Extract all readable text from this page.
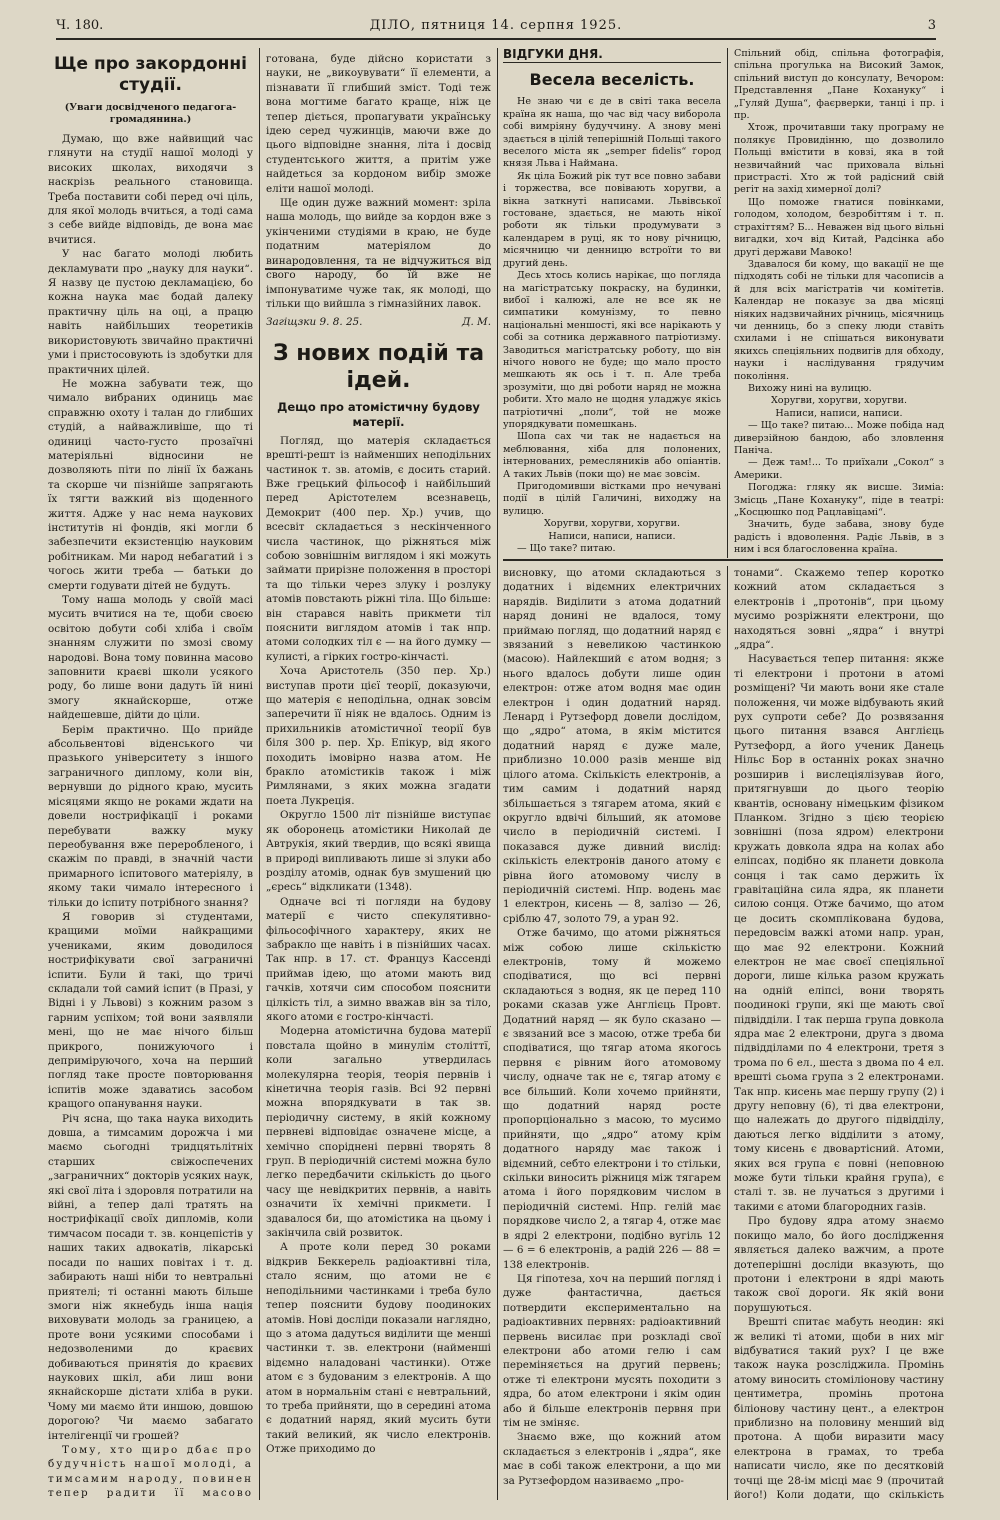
Ч. 180.	ДІЛО, пятниця 14. серпня 1925.	3
Ще про закордонні студії.
(Уваги досвідченого педагога-громадянина.)

Думаю, що вже найвищий час глянути на студії нашої молоді у високих школах, виходячи з наскрізь реального становища. Треба поставити собі перед очі ціль, для якої молодь вчиться, а тоді сама з себе вийде відповідь, де вона має вчитися.

У нас багато молоді любить декламувати про „науку для науки“. Я назву це пустою декламацією, бо кожна наука має бодай далеку практичну ціль на оці, а працю навіть найбільших теоретиків використовують звичайно практичні уми і пристосовують із здобутки для практичних цілей.

Не можна забувати теж, що чимало вибраних одиниць має справжню охоту і талан до глибших студій, а найважливіше, що ті одиниці часто-густо прозаїчні матеріяльні відносини не дозволяють піти по лінії їх бажань та скорше чи пізнійше запрягають їх тягти важкий віз щоденного життя. Адже у нас нема наукових інститутів ні фондів, які могли б забезпечити екзистенцію науковим робітникам. Ми народ небагатий і з чогось жити треба — батьки до смерти годувати дітей не будуть.

Тому наша молодь у своїй масі мусить вчитися на те, щоби своєю освітою добути собі хліба і своїм знанням служити по змозі свому народові. Вона тому повинна масово заповнити краєві школи усякого роду, бо лише вони дадуть їй нині змогу якнайскорше, отже найдешевше, дійти до ціли.

Берім практично. Що прийде абсольвентові віденського чи празького університету з іншого заграничного диплому, коли він, вернувши до рідного краю, мусить місяцями якщо не роками ждати на довели нострифікації і роками перебувати важку муку переобування вже переробленого, і скажім по правді, в значній части примарного іспитового матеріялу, в якому таки чимало інтересного і тільки до іспиту потрібного знання?

Я говорив зі студентами, кращими моїми найкращими учениками, яким доводилося нострифікувати свої заграничні іспити. Були й такі, що тричі складали той самий іспит (в Празі, у Відні і у Львові) з кожним разом з гарним успіхом; той вони заявляли мені, що не має нічого більш прикрого, понижуючого і деприміруючого, хоча на перший погляд таке просте повторювання іспитів може здаватись засобом кращого опанування науки.

Річ ясна, що така наука виходить довша, а тимсамим дорожча і ми маємо сьогодні тридцятьлітніх старших свіжоспечених „заграничних“ докторів усяких наук, які свої літа і здоровля потратили на війні, а тепер далі тратять на нострифікації своїх дипломів, коли тимчасом посади т. зв. концепістів у наших таких адвокатів, лікарські посади по наших повітах і т. д. забирають наші ніби то невтральні приятелі; ті останні мають більше змоги ніж якнебудь інша нація виховувати молодь за границею, а проте вони усякими способами і недозволеними до краєвих добиваються принятія до краєвих наукових шкіл, аби лиш вони якнайскорше дістати хліба в руки. Чому ми маємо йти иншою, довшою дорогою? Чи маємо забагато інтелігенції чи грошей?

Тому, хто щиро дбає про будучність нашої молоді, а тимсамим народу, повинен тепер радити її масово

готована, буде дійсно користати з науки, не „викоувувати“ її елементи, а пізнавати її глибший зміст. Тоді теж вона могтиме багато краще, ніж це тепер діється, пропагувати українську ідею серед чужинців, маючи вже до цього відповідне знання, літа і досвід студентського життя, а притім уже найдеться за кордоном вибір зможе еліти нашої молоді.

Ще один дуже важний момент: зріла наша молодь, що вийде за кордон вже з укінченими студіями в краю, не буде податним матеріялом до винародовлення, та не відчужиться від свого народу, бо їй вже не імпонуватиме чуже так, як молоді, що тільки що вийшла з гімназійних лавок.

Загіщзки 9. 8. 25.	Д. М.
З нових подій та ідей.
Дещо про атомістичну будову матерії.

Погляд, що матерія складається врешті-решт із найменших неподільних частинок т. зв. атомів, є досить старий. Вже грецький фільософ і найбільший перед Арістотелем всезнавець, Демокрит (400 пер. Хр.) учив, що всесвіт складається з нескінченного числа частинок, що ріжняться між собою зовнішнім виглядом і які можуть займати прирізне положення в просторі та що тільки через злуку і розлуку атомів повстають ріжні тіла. Що більше: він старався навіть прикмети тіл пояснити виглядом атомів і так нпр. атоми солодких тіл є — на його думку — кулисті, а гірких гостро-кінчасті.

Хоча Аристотель (350 пер. Хр.) виступав проти цієї теорії, доказуючи, що матерія є неподільна, однак зовсім заперечити її ніяк не вдалось. Одним із прихильників атомістичної теорії був біля 300 р. пер. Хр. Епікур, від якого походить імовірно назва атом. Не бракло атомістиків також і між Римлянами, з яких можна згадати поета Лукреція.

Округло 1500 літ пізнійше виступає як оборонець атомістики Николай де Автрукія, який твердив, що всякі явища в природі випливають лише зі злуки або розділу атомів, однак був змушений цю „єресь“ відкликати (1348).

Одначе всі ті погляди на будову матерії є чисто спекулятивно-фільософічного характеру, яких не забракло ще навіть і в пізнійших часах. Так нпр. в 17. ст. Француз Кассенді приймав ідею, що атоми мають вид гачків, хотячи сим способом пояснити цілкість тіл, а зимно вважав він за тіло, якого атоми є гостро-кінчасті.

Модерна атомістична будова матерії повстала щойно в минулім століттї, коли загально утвердилась молекулярна теорія, теорія первнів і кінетична теорія газів. Всі 92 первні можна впорядкувати в так зв. періодичну систему, в якій кожному первневі відповідає означене місце, а хемічно споріднені первні творять 8 груп. В періодичній системі можна було легко передбачити скількість до цього часу ще невідкритих первнів, а навіть означити їх хемічні прикмети. І здавалося би, що атомістика на цьому і закінчила свій розвиток.

А проте коли перед 30 роками відкрив Беккерель радіоактивні тіла, стало ясним, що атоми не є неподільними частинками і треба було тепер пояснити будову поодиноких атомів. Нові досліди показали наглядно, що з атома дадуться виділити ще менші частинки т. зв. електрони (найменші відємно наладовані частинки). Отже атом є з будованим з електронів. А що атом в нормальнім стані є невтральний, то треба прийняти, що в середині атома є додатний наряд, який мусить бути такий великий, як число електронів. Отже приходимо до

ВІДГУКИ ДНЯ.
Весела веселість.

Не знаю чи є де в світі така весела країна як наша, що час від часу виборола собі вимріяну будуччину. А знову мені здається в цілій теперішній Польщі такого веселого міста як „semper fidelis“ город князя Льва і Наймана.

Як ціла Божий рік тут все повно забави і торжества, все повівають хоругви, а вікна заткнуті написами. Львівської гостоване, здається, не мають нікої роботи як тільки продумувати з календарем в руці, як то нову річницю, місячницю чи денницю встроїти то ви другий день.

Десь хтось колись нарікає, що погляда на магістратську покраску, на будинки, вибої і калюжі, але не все як не симпатики комунізму, то певно національні меншості, які все нарікають у собі за сотника державного патріотизму. Заводиться магістратську роботу, що він нічого нового не буде; що мало просто мешкають як ось і т. п. Але треба зрозуміти, що дві роботи наряд не можна робити. Хто мало не щодня уладжує якісь патріотичні „поли“, той не може упорядкувати помешкань.

Шопа сах чи так не надається на меблювання, хіба для полонених, інтернованих, ремесляників або опіантів. А таких Львів (поки що) не має зовсім.

Пригодомивши вістками про нечувані події в цілій Галичині, виходжу на вулицю.

Хоругви, хоругви, хоругви.

Написи, написи, написи.

— Що таке? питаю.

Спільний обід, спільна фотографія, спільна прогулька на Високий Замок, спільний виступ до консулату, Вечором: Представлення „Пане Кохануку“ і „Гуляй Душа“, фаєрверки, танці і пр. і пр.

Хтож, прочитавши таку програму не полякує Провидінню, що дозволило Польщі вмістити в ковзі, яка в той незвичайний час приховала вільні пристрасті. Хто ж той радісний свій регіт на захід химерної долі?

Що поможе гнатися повінками, голодом, холодом, безробіттям і т. п. страхіттям? Б... Неважен від цього вільні вигадки, хоч від Китай, Радсінка або другі держави Мавоко!

Здавалося би кому, що вакації не ще підходять собі не тільки для часописів а й для всіх магістратів чи комітетів. Календар не показує за два місяці ніяких надзвичайних річниць, місячниць чи денниць, бо з спеку люди ставіть схилами і не спішаться виконувати якихсь спеціяльних подвигів для обходу, науки і наслідування грядучим покоління.

Вихожу нині на вулицю.

Хоругви, хоругви, хоругви.

Написи, написи, написи.

— Що таке? питаю... Може побіда над диверзійною бандою, або зловлення Паніча.

— Деж там!... То приїхали „Сокол“ з Америки.

Погоджа: гляку як висше. Зиміа: Змісць „Пане Кохануку“, піде в театрі: „Косцюшко под Рацлавіцамі“.

Значить, буде забава, знову буде радість і вдоволення. Радіє Львів, в з ним і вся благословенна країна.

висновку, що атоми складаються з додатних і відємних електричних нарядів. Виділити з атома додатний наряд донині не вдалося, тому приймаю погляд, що додатний наряд є звязаний з невеликою частинкою (масою). Найлекший є атом водня; з нього вдалось добути лише один електрон: отже атом водня має один електрон і один додатний наряд. Ленард і Рутзефорд довели дослідом, що „ядро“ атома, в якім містится додатний наряд є дуже мале, приблизно 10.000 разів менше від цілого атома. Скількість електронів, а тим самим і додатний наряд збільшається з тягарем атома, який є округло вдвічі більший, як атомове число в періодичній системі. І показався дуже дивний вислід: скількість електронів даного атому є рівна його атомовому числу в періодичній системі. Нпр. водень має 1 електрон, кисень — 8, залізо — 26, сріблю 47, золото 79, а уран 92.

Отже бачимо, що атоми ріжняться між собою лише скількістю електронів, тому й можемо сподіватися, що всі первні складаються з водня, як це перед 110 роками сказав уже Англієць Провт. Додатний наряд — як було сказано — є звязаний все з масою, отже треба би сподіватися, що тягар атома якогось первня є рівним його атомовому числу, одначе так не є, тягар атому є все більший. Коли хочемо прийняти, що додатний наряд росте пропорціонально з масою, то мусимо прийняти, що „ядро“ атому крім додатного наряду має також і відємний, себто електрони і то стільки, скільки виносить ріжниця між тягарем атома і його порядковим числом в періодичній системі. Нпр. гелій має порядкове число 2, а тягар 4, отже має в ядрі 2 електрони, подібно вугіль 12 — 6 = 6 електронів, а радій 226 — 88 = 138 електронів.

Ця гіпотеза, хоч на перший погляд і дуже фантастична, дається потвердити експериментально на радіоактивних первнях: радіоактивний первень висилає при розкладі свої електрони або атоми гелю і сам переміняється на другий первень; отже ті електрони мусять походити з ядра, бо атом електрони і якім один або й більше електронів первня при тім не зміняє.

Знаємо вже, що кожний атом складається з електронів і „ядра“, яке має в собі також електрони, а що ми за Рутзефордом називаємо „про-

тонами“. Скажемо тепер коротко кожний атом складається з електронів і „протонів“, при цьому мусимо розріжняти електрони, що находяться зовні „ядра“ і внутрі „ядра“.

Насувається тепер питання: якже ті електрони і протони в атомі розміщені? Чи мають вони яке стале положення, чи може відбувають який рух супроти себе? До розвязання цього питання взався Англієць Рутзефорд, а його ученик Данець Нільс Бор в останніх роках значно розширив і вислеціялізував його, притягнувши до цього теорію квантів, основану німецьким фізиком Планком. Згідно з цією теорією зовнішні (поза ядром) електрони кружать довкола ядра на колах або еліпсах, подібно як планети довкола сонця і так само держить їх гравітаційна сила ядра, як планети силою сонця. Отже бачимо, що атом це досить скомплікована будова, передовсім важкі атоми напр. уран, що має 92 електрони. Кожний електрон не має своєї спеціяльної дороги, лише кілька разом кружать на одній еліпсі, вони творять поодинокі групи, які ще мають свої підвідділи. І так перша група довкола ядра має 2 електрони, друга з двома підвідділами по 4 електрони, третя з трома по 6 ел., шеста з двома по 4 ел. врешті сьома група з 2 електронами. Так нпр. кисень має першу групу (2) і другу неповну (6), ті два електрони, що належать до другого підвідділу, даються легко відділити з атому, тому кисень є двовартісний. Атоми, яких вся група є повні (неповною може бути тільки крайня група), є сталі т. зв. не лучаться з другими і такими є атоми благородних газів.

Про будову ядра атому знаємо покищо мало, бо його дослідження являється далеко важчим, а проте дотеперішні досліди вказують, що протони і електрони в ядрі мають також свої дороги. Як якій вони порушуються.

Врешті спитає мабуть неодин: які ж великі ті атоми, щоби в них міг відбуватися такий рух? І це вже також наука розсліджила. Промінь атому виносить стоміліонову частину центиметра, промінь протона біліонову частину цент., а електрон приблизно на половину менший від протона. А щоби виразити масу електрона в грамах, то треба написати число, яке по десятковій точці ще 28-ім місці має 9 (прочитай його!) Коли додати, що скількість
